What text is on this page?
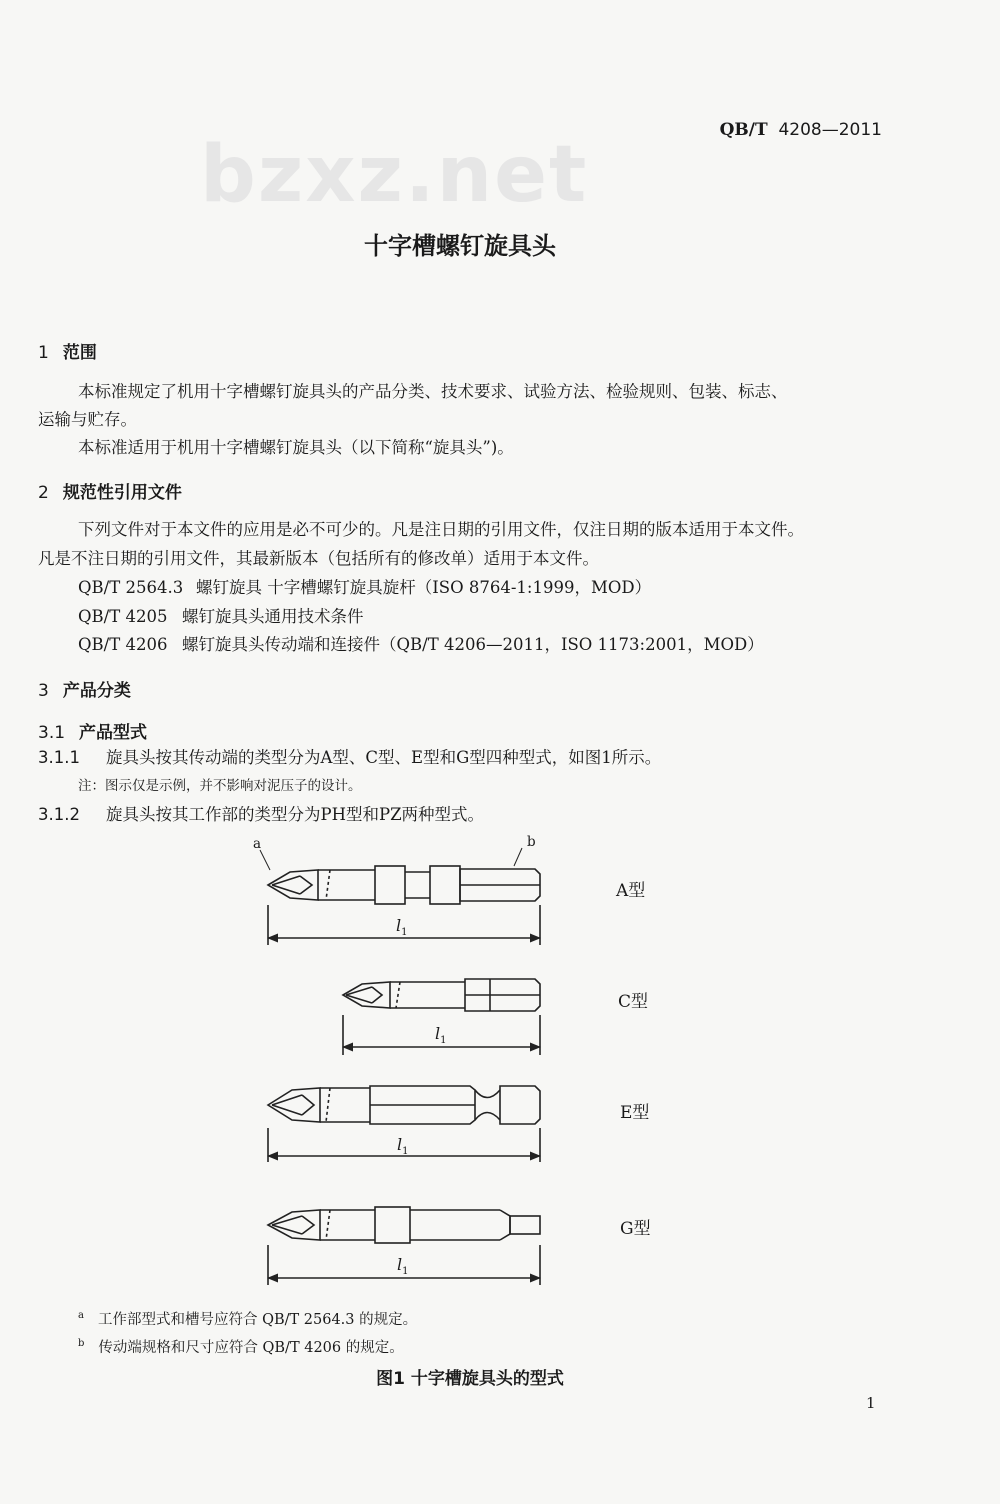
QB/T 4208—2011
bzxz.net
十字槽螺钉旋具头
1 范围
本标准规定了机用十字槽螺钉旋具头的产品分类、技术要求、试验方法、检验规则、包装、标志、
运输与贮存。
本标准适用于机用十字槽螺钉旋具头（以下简称“旋具头”)。
2 规范性引用文件
下列文件对于本文件的应用是必不可少的。凡是注日期的引用文件，仅注日期的版本适用于本文件。
凡是不注日期的引用文件，其最新版本（包括所有的修改单）适用于本文件。
QB/T 2564.3 螺钉旋具 十字槽螺钉旋具旋杆（ISO 8764-1:1999，MOD）
QB/T 4205 螺钉旋具头通用技术条件
QB/T 4206 螺钉旋具头传动端和连接件（QB/T 4206—2011，ISO 1173:2001，MOD）
3 产品分类
3.1 产品型式
3.1.1 旋具头按其传动端的类型分为A型、C型、E型和G型四种型式，如图1所示。
注：图示仅是示例，并不影响对泥压子的设计。
3.1.2 旋具头按其工作部的类型分为PH型和PZ两种型式。
a	b
$l_1$
$l_1$
$l_1$
$l_1$
A型
C型
E型
G型
$^a$ 工作部型式和槽号应符合 QB/T 2564.3 的规定。
$^b$ 传动端规格和尺寸应符合 QB/T 4206 的规定。
图1 十字槽旋具头的型式
1
